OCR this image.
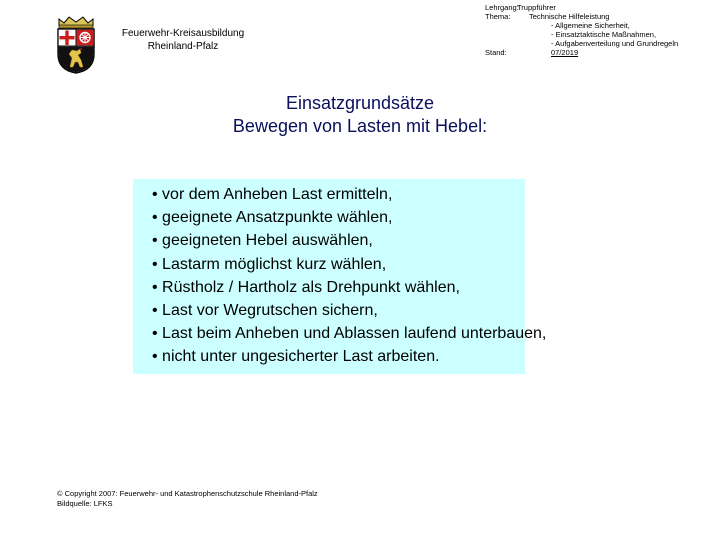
Feuerwehr-Kreisausbildung
Rheinland-Pfalz
Lehrgang:
Truppführer
Thema:	Technische Hilfeleistung
- Allgemeine Sicherheit,
- Einsatztaktische Maßnahmen,
- Aufgabenverteilung und Grundregeln
Stand:	07/2019
Einsatzgrundsätze
Bewegen von Lasten mit Hebel:
• vor dem Anheben Last ermitteln,
• geeignete Ansatzpunkte wählen,
• geeigneten Hebel auswählen,
• Lastarm möglichst kurz wählen,
• Rüstholz / Hartholz als Drehpunkt wählen,
• Last vor Wegrutschen sichern,
• Last beim Anheben und Ablassen laufend unterbauen,
• nicht unter ungesicherter Last arbeiten.
© Copyright 2007: Feuerwehr- und Katastrophenschutzschule Rheinland-Pfalz
Bildquelle: LFKS
